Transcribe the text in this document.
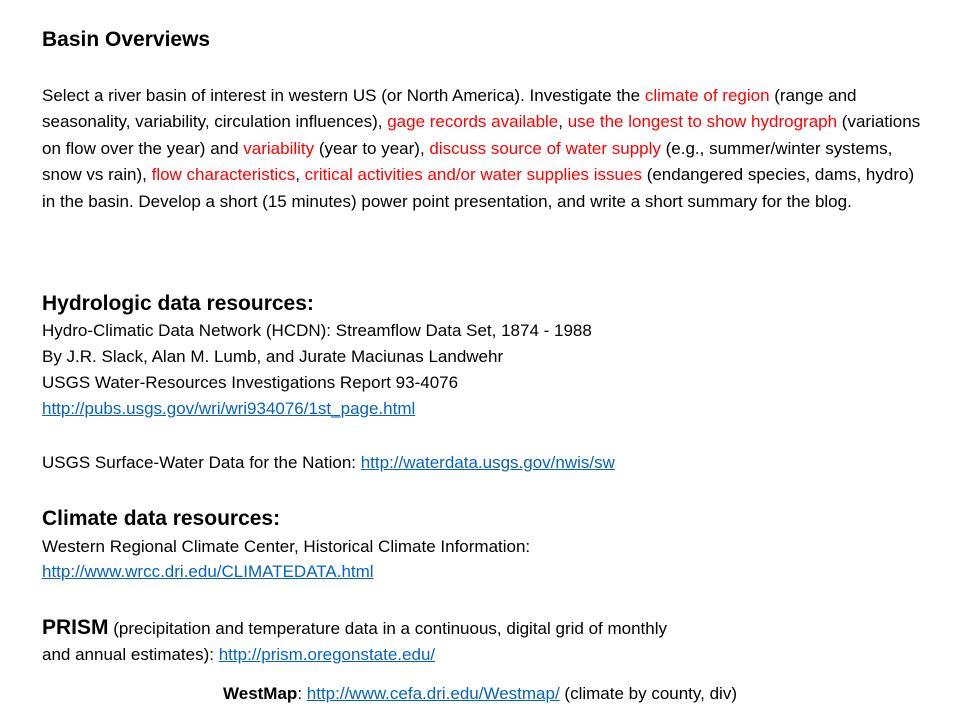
Basin Overviews
Select a river basin of interest in western US (or North America). Investigate the climate of region (range and seasonality, variability, circulation influences), gage records available, use the longest to show hydrograph (variations on flow over the year) and variability (year to year), discuss source of water supply (e.g., summer/winter systems, snow vs rain), flow characteristics, critical activities and/or water supplies issues (endangered species, dams, hydro) in the basin. Develop a short (15 minutes) power point presentation, and write a short summary for the blog.
Hydrologic data resources:
Hydro-Climatic Data Network (HCDN): Streamflow Data Set, 1874 - 1988
By J.R. Slack, Alan M. Lumb, and Jurate Maciunas Landwehr
USGS Water-Resources Investigations Report 93-4076
http://pubs.usgs.gov/wri/wri934076/1st_page.html
USGS Surface-Water Data for the Nation: http://waterdata.usgs.gov/nwis/sw
Climate data resources:
Western Regional Climate Center, Historical Climate Information:
http://www.wrcc.dri.edu/CLIMATEDATA.html
PRISM (precipitation and temperature data in a continuous, digital grid of monthly
and annual estimates): http://prism.oregonstate.edu/
WestMap: http://www.cefa.dri.edu/Westmap/ (climate by county, div)
